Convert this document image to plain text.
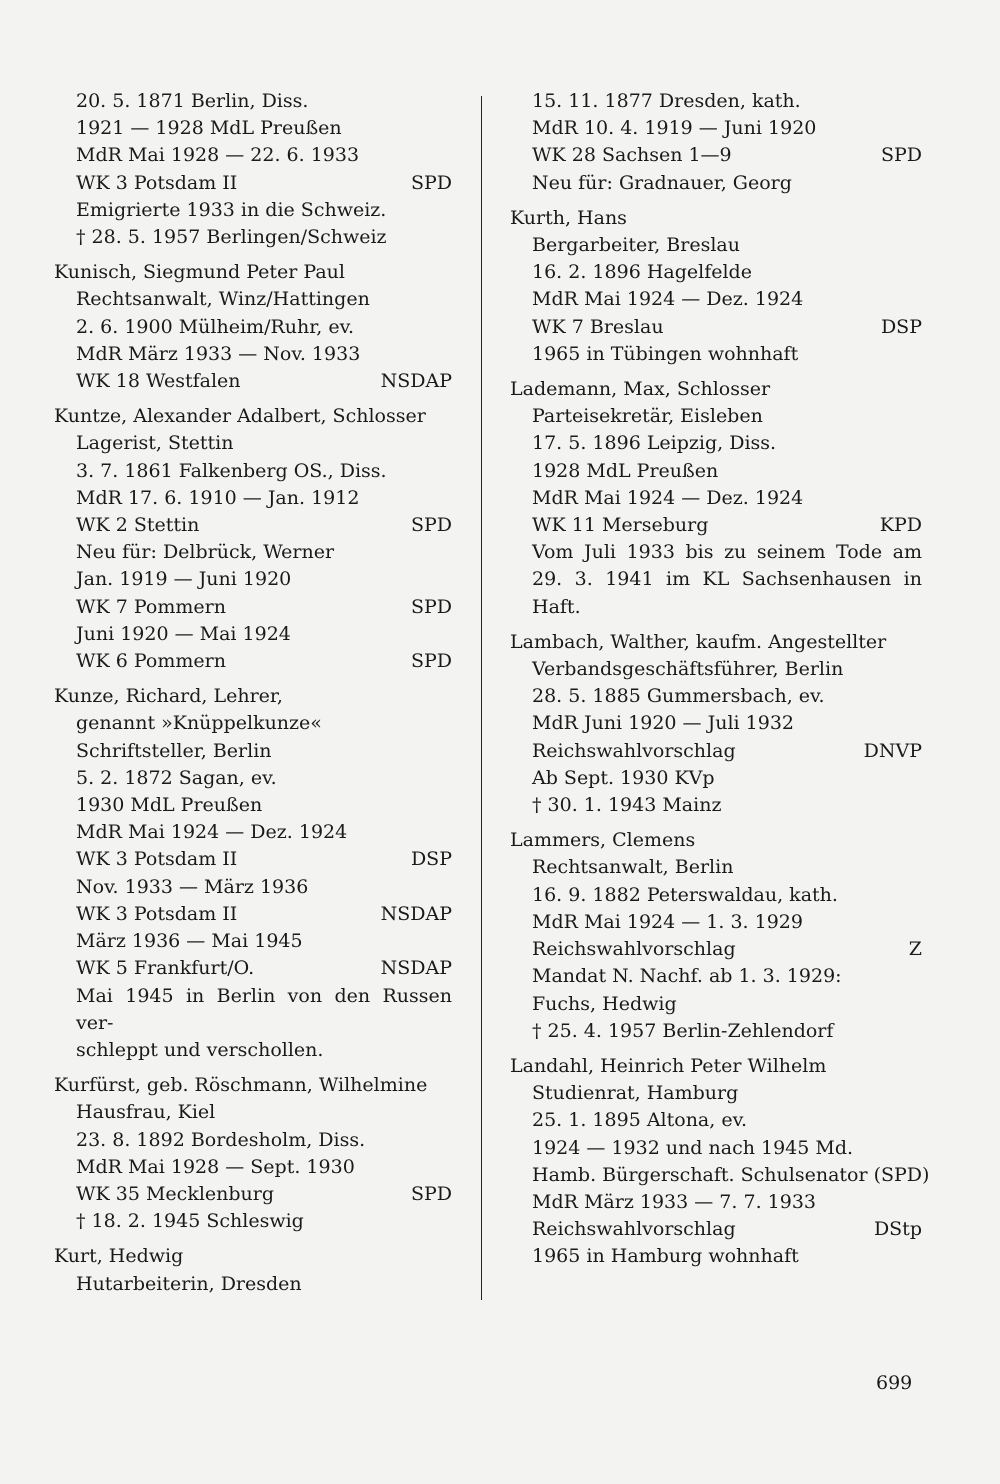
20. 5. 1871 Berlin, Diss.
1921 — 1928 MdL Preußen
MdR Mai 1928 — 22. 6. 1933
WK 3 Potsdam II	SPD
Emigrierte 1933 in die Schweiz.
† 28. 5. 1957 Berlingen/Schweiz
Kunisch, Siegmund Peter Paul
Rechtsanwalt, Winz/Hattingen
2. 6. 1900 Mülheim/Ruhr, ev.
MdR März 1933 — Nov. 1933
WK 18 Westfalen	NSDAP
Kuntze, Alexander Adalbert, Schlosser
Lagerist, Stettin
3. 7. 1861 Falkenberg OS., Diss.
MdR 17. 6. 1910 — Jan. 1912
WK 2 Stettin	SPD
Neu für: Delbrück, Werner
Jan. 1919 — Juni 1920
WK 7 Pommern	SPD
Juni 1920 — Mai 1924
WK 6 Pommern	SPD
Kunze, Richard, Lehrer,
genannt »Knüppelkunze«
Schriftsteller, Berlin
5. 2. 1872 Sagan, ev.
1930 MdL Preußen
MdR Mai 1924 — Dez. 1924
WK 3 Potsdam II	DSP
Nov. 1933 — März 1936
WK 3 Potsdam II	NSDAP
März 1936 — Mai 1945
WK 5 Frankfurt/O.	NSDAP
Mai 1945 in Berlin von den Russen ver-
schleppt und verschollen.
Kurfürst, geb. Röschmann, Wilhelmine
Hausfrau, Kiel
23. 8. 1892 Bordesholm, Diss.
MdR Mai 1928 — Sept. 1930
WK 35 Mecklenburg	SPD
† 18. 2. 1945 Schleswig
Kurt, Hedwig
Hutarbeiterin, Dresden
15. 11. 1877 Dresden, kath.
MdR 10. 4. 1919 — Juni 1920
WK 28 Sachsen 1—9	SPD
Neu für: Gradnauer, Georg
Kurth, Hans
Bergarbeiter, Breslau
16. 2. 1896 Hagelfelde
MdR Mai 1924 — Dez. 1924
WK 7 Breslau	DSP
1965 in Tübingen wohnhaft
Lademann, Max, Schlosser
Parteisekretär, Eisleben
17. 5. 1896 Leipzig, Diss.
1928 MdL Preußen
MdR Mai 1924 — Dez. 1924
WK 11 Merseburg	KPD
Vom Juli 1933 bis zu seinem Tode am
29. 3. 1941 im KL Sachsenhausen in
Haft.
Lambach, Walther, kaufm. Angestellter
Verbandsgeschäftsführer, Berlin
28. 5. 1885 Gummersbach, ev.
MdR Juni 1920 — Juli 1932
Reichswahlvorschlag	DNVP
Ab Sept. 1930 KVp
† 30. 1. 1943 Mainz
Lammers, Clemens
Rechtsanwalt, Berlin
16. 9. 1882 Peterswaldau, kath.
MdR Mai 1924 — 1. 3. 1929
Reichswahlvorschlag	Z
Mandat N. Nachf. ab 1. 3. 1929:
Fuchs, Hedwig
† 25. 4. 1957 Berlin-Zehlendorf
Landahl, Heinrich Peter Wilhelm
Studienrat, Hamburg
25. 1. 1895 Altona, ev.
1924 — 1932 und nach 1945 Md.
Hamb. Bürgerschaft. Schulsenator (SPD)
MdR März 1933 — 7. 7. 1933
Reichswahlvorschlag	DStp
1965 in Hamburg wohnhaft
699
